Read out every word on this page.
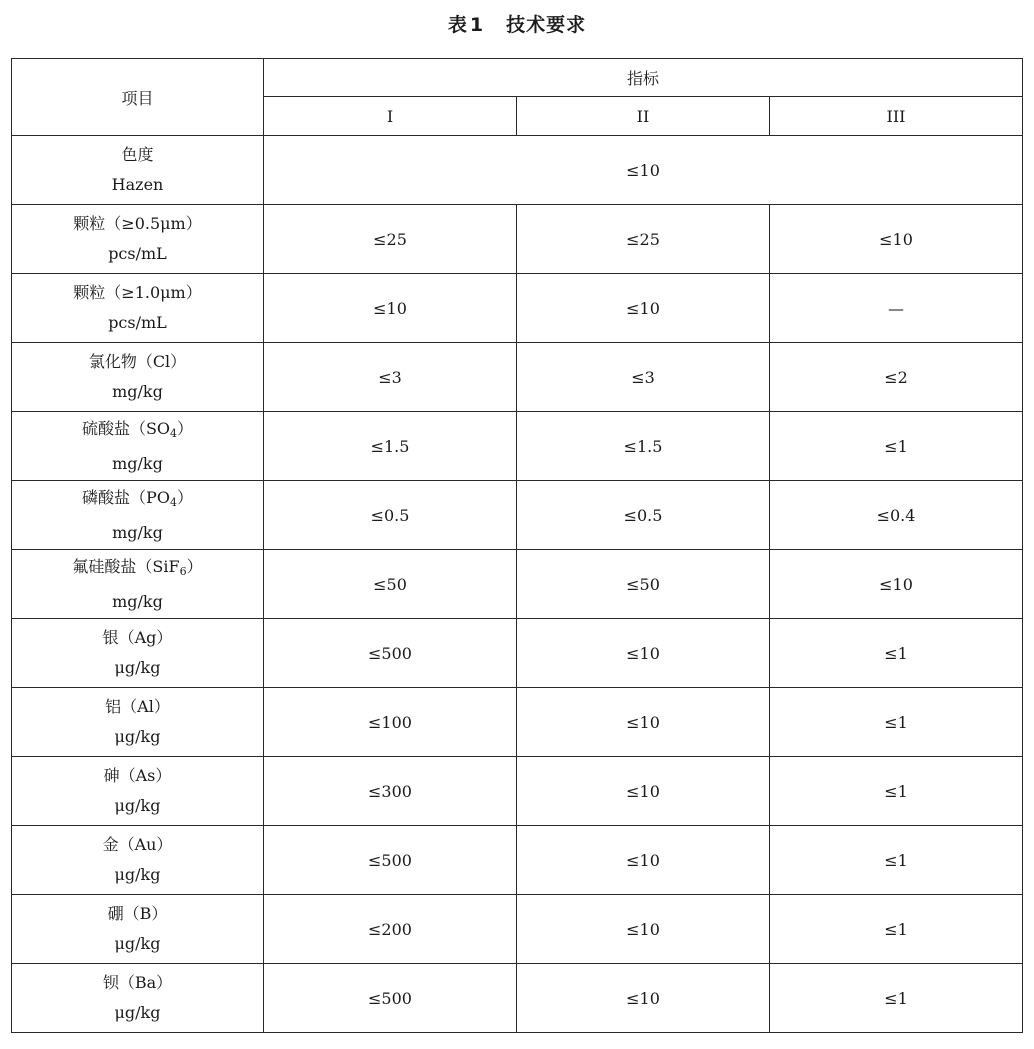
表 1 技术要求
项目	指标		
	I	II	III

色度
Hazen	≤10		

颗粒（≥0.5μm）
pcs/mL	≤25	≤25	≤10

颗粒（≥1.0μm）
pcs/mL	≤10	≤10	—

氯化物（Cl）
mg/kg	≤3	≤3	≤2

硫酸盐$(SO_4)$
mg/kg	≤1.5	≤1.5	≤1

磷酸盐$(PO_4)$
mg/kg	≤0.5	≤0.5	≤0.4

氟硅酸盐（SiF$_6$）
mg/kg	≤50	≤50	≤10

银（Ag）
μg/kg	≤500	≤10	≤1

铝（Al）
μg/kg	≤100	≤10	≤1

砷（As）
μg/kg	≤300	≤10	≤1

金（Au）
μg/kg	≤500	≤10	≤1

硼（B）
μg/kg	≤200	≤10	≤1

钡（Ba）
μg/kg	≤500	≤10	≤1
